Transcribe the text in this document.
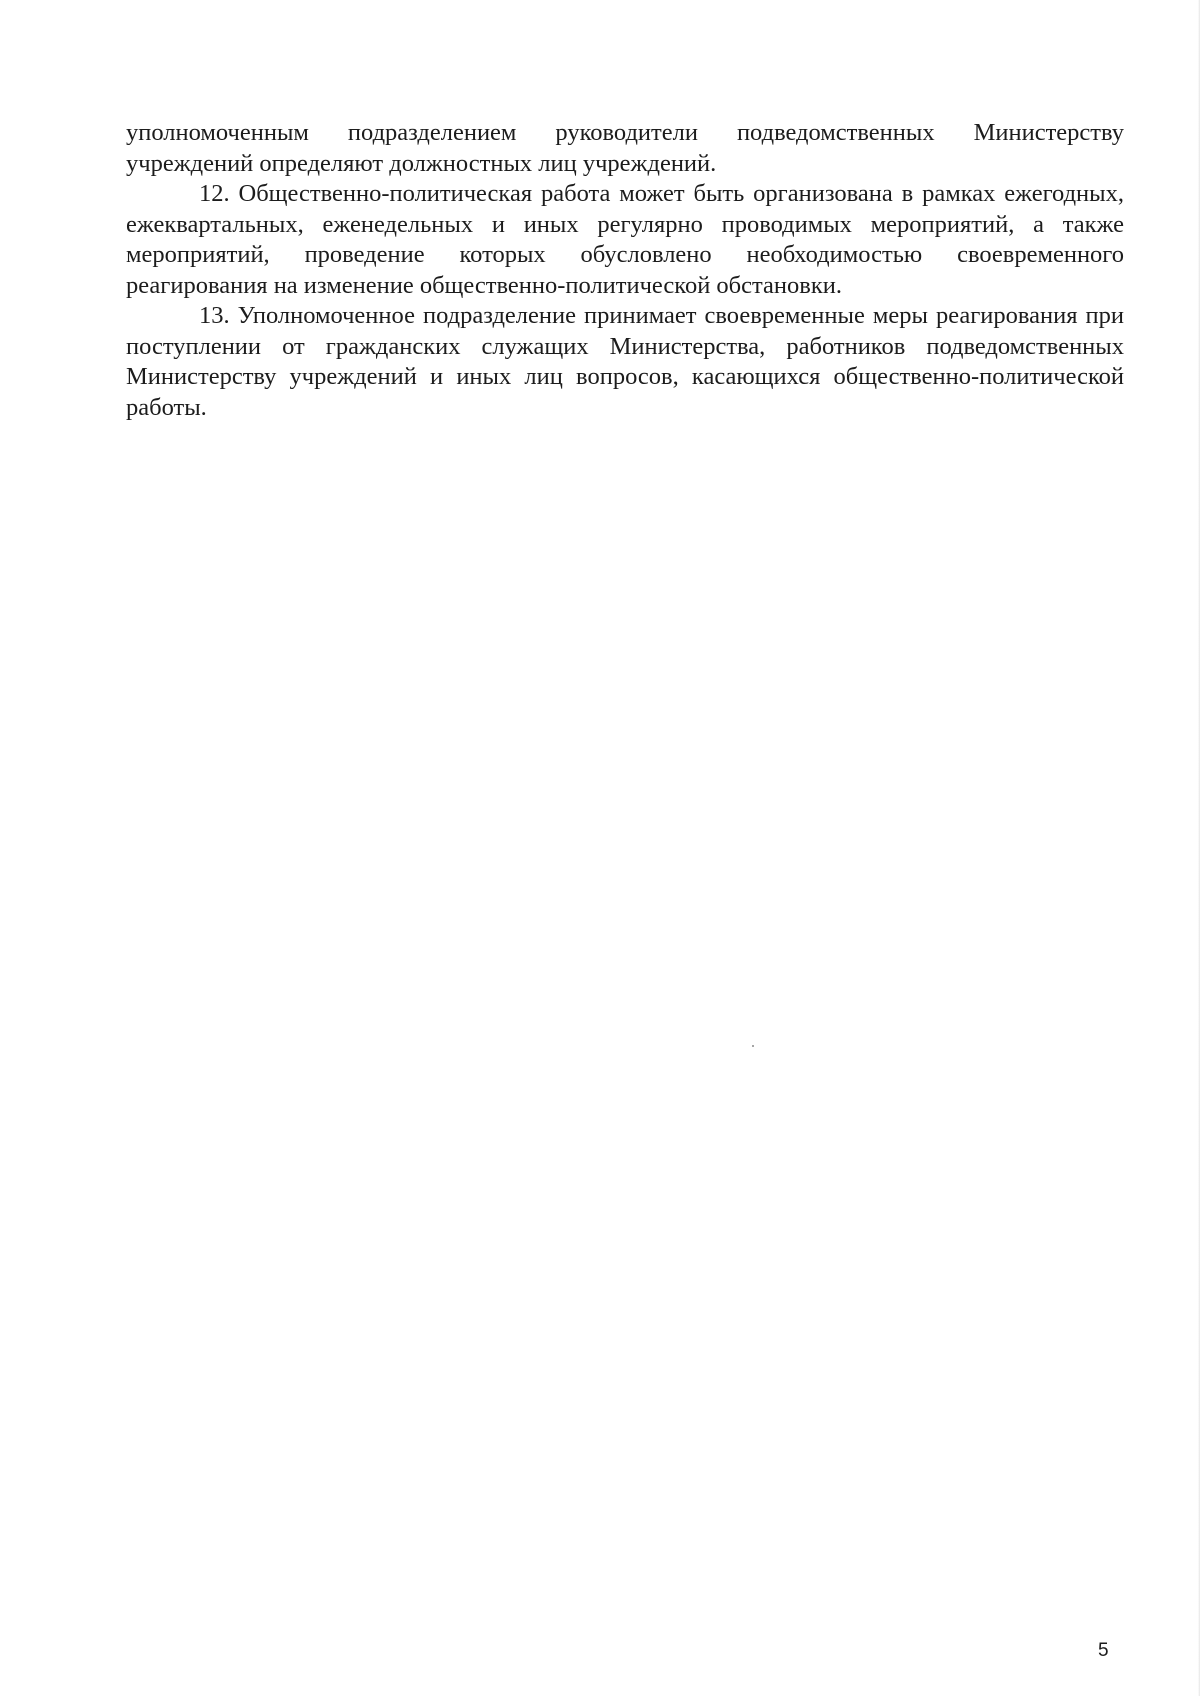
уполномоченным подразделением руководители подведомственных Министерству учреждений определяют должностных лиц учреждений.

12. Общественно-политическая работа может быть организована в рамках ежегодных, ежеквартальных, еженедельных и иных регулярно проводимых мероприятий, а также мероприятий, проведение которых обусловлено необходимостью своевременного реагирования на изменение общественно-политической обстановки.

13. Уполномоченное подразделение принимает своевременные меры реагирования при поступлении от гражданских служащих Министерства, работников подведомственных Министерству учреждений и иных лиц вопросов, касающихся общественно-политической работы.

5
